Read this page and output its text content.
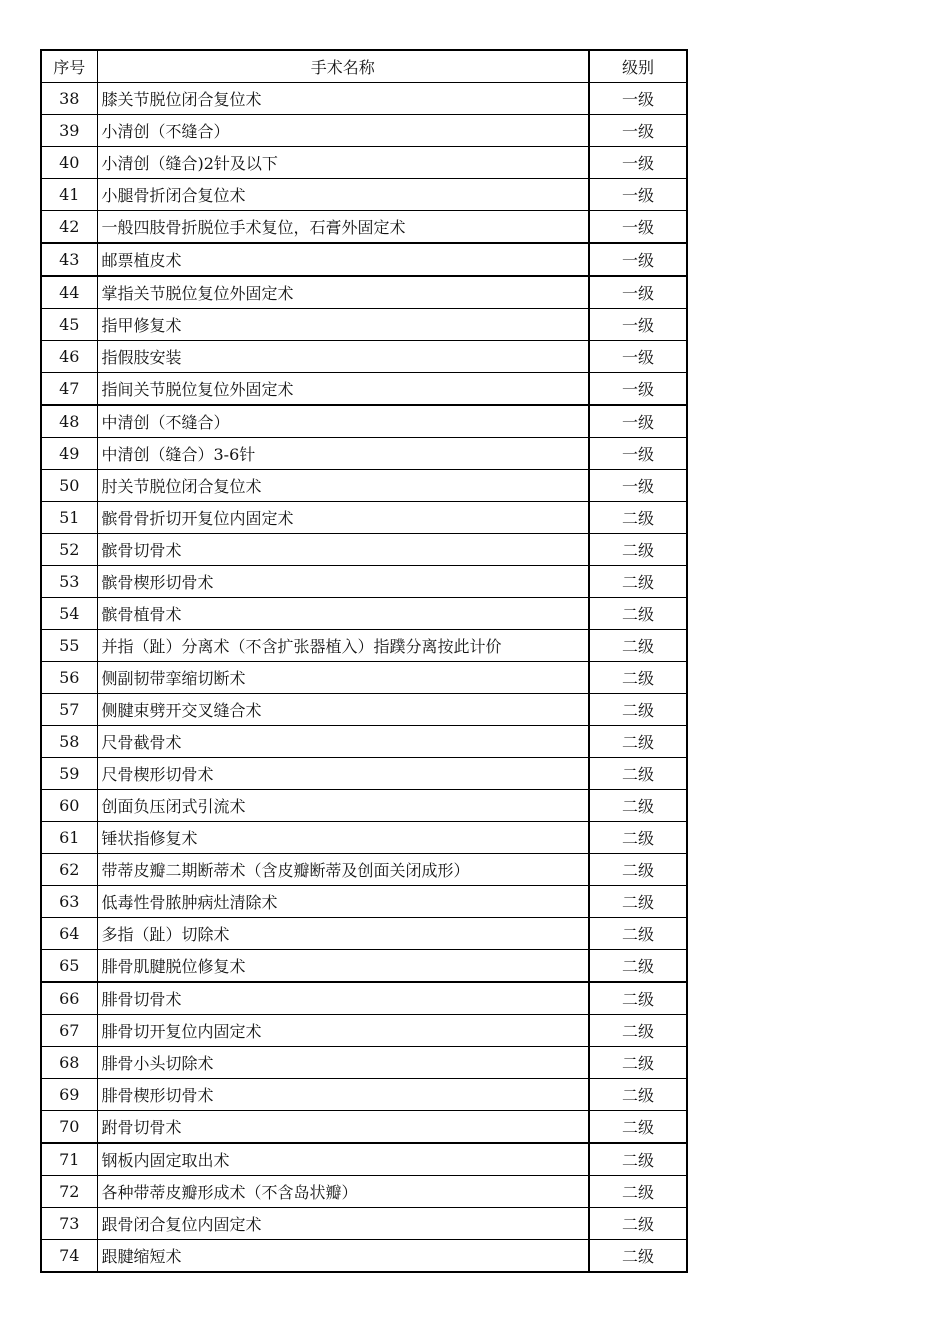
序号	手术名称	级别
38	膝关节脱位闭合复位术	一级
39	小清创（不缝合）	一级
40	小清创（缝合)2针及以下	一级
41	小腿骨折闭合复位术	一级
42	一般四肢骨折脱位手术复位，石膏外固定术	一级
43	邮票植皮术	一级
44	掌指关节脱位复位外固定术	一级
45	指甲修复术	一级
46	指假肢安装	一级
47	指间关节脱位复位外固定术	一级
48	中清创（不缝合）	一级
49	中清创（缝合）3-6针	一级
50	肘关节脱位闭合复位术	一级
51	髌骨骨折切开复位内固定术	二级
52	髌骨切骨术	二级
53	髌骨楔形切骨术	二级
54	髌骨植骨术	二级
55	并指（趾）分离术（不含扩张器植入）指蹼分离按此计价	二级
56	侧副韧带挛缩切断术	二级
57	侧腱束劈开交叉缝合术	二级
58	尺骨截骨术	二级
59	尺骨楔形切骨术	二级
60	创面负压闭式引流术	二级
61	锤状指修复术	二级
62	带蒂皮瓣二期断蒂术（含皮瓣断蒂及创面关闭成形）	二级
63	低毒性骨脓肿病灶清除术	二级
64	多指（趾）切除术	二级
65	腓骨肌腱脱位修复术	二级
66	腓骨切骨术	二级
67	腓骨切开复位内固定术	二级
68	腓骨小头切除术	二级
69	腓骨楔形切骨术	二级
70	跗骨切骨术	二级
71	钢板内固定取出术	二级
72	各种带蒂皮瓣形成术（不含岛状瓣）	二级
73	跟骨闭合复位内固定术	二级
74	跟腱缩短术	二级
